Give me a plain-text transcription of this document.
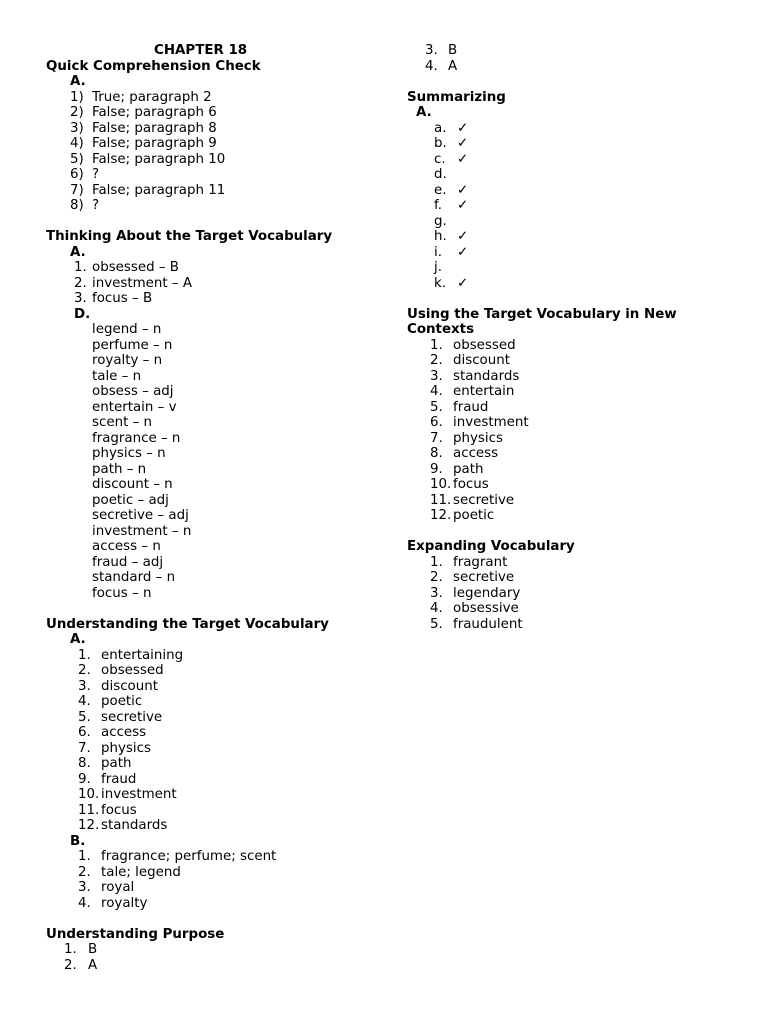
CHAPTER 18
Quick Comprehension Check
A.
1) True; paragraph 2
2) False; paragraph 6
3) False; paragraph 8
4) False; paragraph 9
5) False; paragraph 10
6) ?
7) False; paragraph 11
8) ?
Thinking About the Target Vocabulary
A.
1. obsessed – B
2. investment – A
3. focus – B
D.
legend – n
perfume – n
royalty – n
tale – n
obsess – adj
entertain – v
scent – n
fragrance – n
physics – n
path – n
discount – n
poetic – adj
secretive – adj
investment – n
access – n
fraud – adj
standard – n
focus – n
Understanding the Target Vocabulary
A.
1. entertaining
2. obsessed
3. discount
4. poetic
5. secretive
6. access
7. physics
8. path
9. fraud
10. investment
11. focus
12. standards
B.
1. fragrance; perfume; scent
2. tale; legend
3. royal
4. royalty
Understanding Purpose
1. B
2. A
3. B
4. A
Summarizing
A.
a. ✓
b. ✓
c. ✓
d.
e. ✓
f. ✓
g.
h. ✓
i. ✓
j.
k. ✓
Using the Target Vocabulary in New Contexts
1. obsessed
2. discount
3. standards
4. entertain
5. fraud
6. investment
7. physics
8. access
9. path
10. focus
11. secretive
12. poetic
Expanding Vocabulary
1. fragrant
2. secretive
3. legendary
4. obsessive
5. fraudulent
